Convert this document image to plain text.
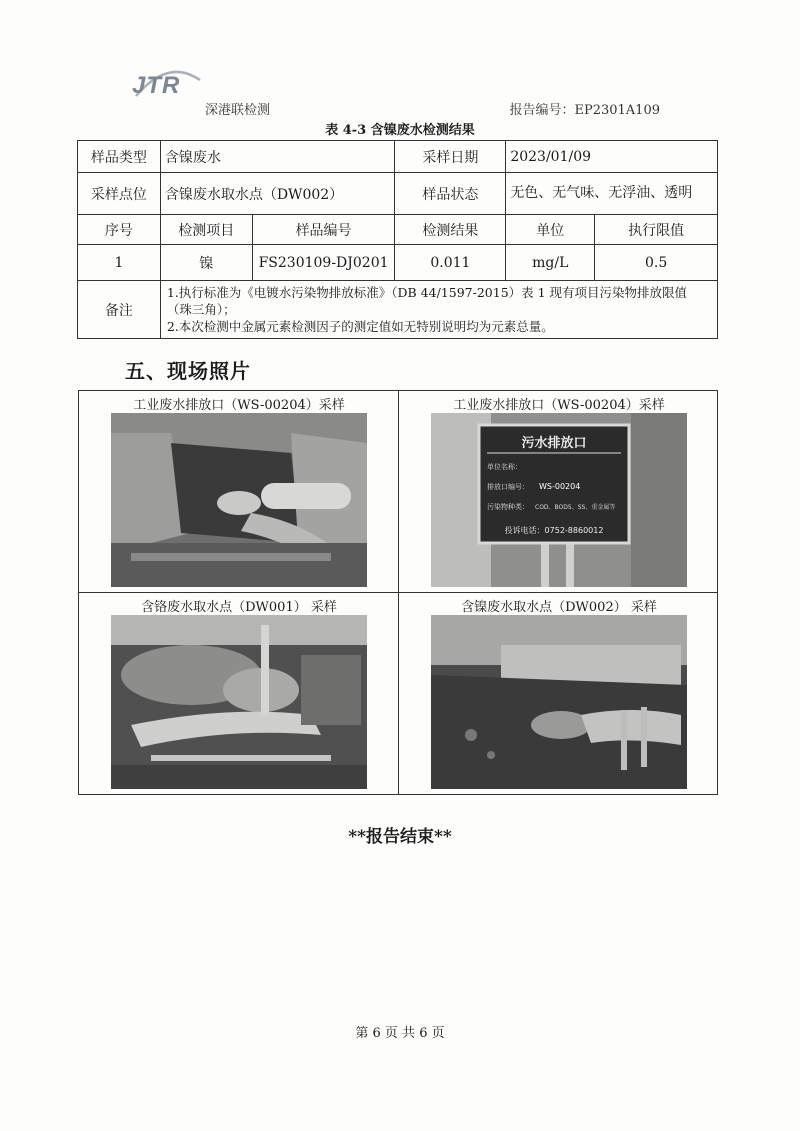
JTR
深港联检测	报告编号：EP2301A109
表 4-3 含镍废水检测结果
样品类型	含镍废水		采样日期	2023/01/09	
采样点位	含镍废水取水点（DW002）		样品状态	无色、无气味、无浮油、透明	
序号	检测项目	样品编号	检测结果	单位	执行限值
1	镍	FS230109-DJ0201	0.011	mg/L	0.5
备注	1.执行标准为《电镀水污染物排放标准》（DB 44/1597-2015）表 1 现有项目污染物排放限值（珠三角）；
2.本次检测中金属元素检测因子的测定值如无特别说明均为元素总量。				
五、现场照片
工业废水排放口（WS-00204）采样	工业废水排放口（WS-00204）采样
污水排放口
单位名称：
排放口编号： WS-00204
污染物种类： COD、BOD5、SS、重金属等
投诉电话：0752-8860012
含铬废水取水点（DW001） 采样	含镍废水取水点（DW002） 采样
**报告结束**
第 6 页 共 6 页
